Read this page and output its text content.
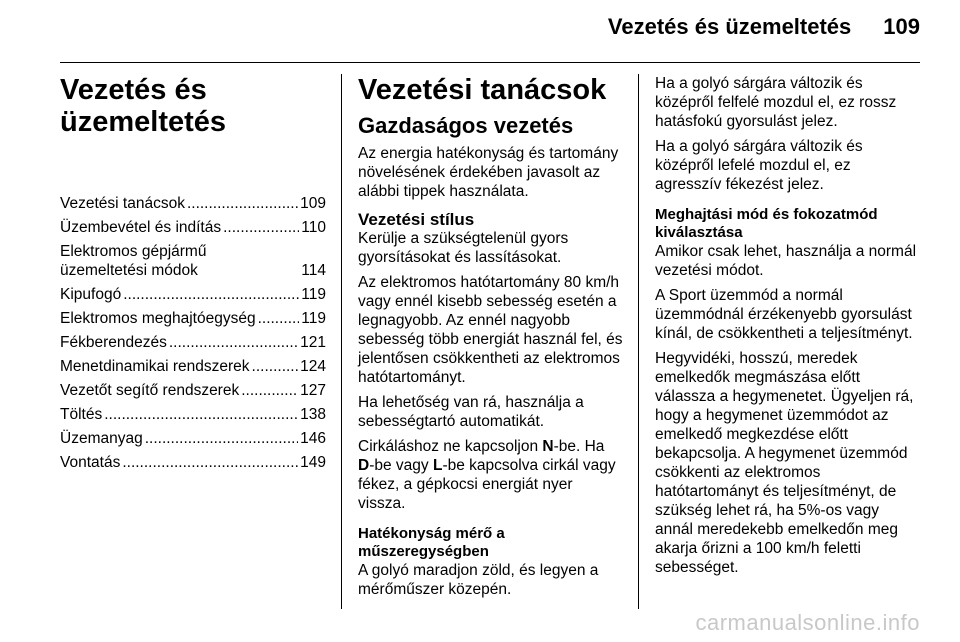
Vezetés és üzemeltetés 109
Vezetés és üzemeltetés
Vezetési tanácsok .....	109
Üzembevétel és indítás .....	110
Elektromos gépjármű üzemeltetési módok	114
Kipufogó .....	119
Elektromos meghajtóegység .....	119
Fékberendezés .....	121
Menetdinamikai rendszerek .....	124
Vezetőt segítő rendszerek .....	127
Töltés .....	138
Üzemanyag .....	146
Vontatás .....	149
Vezetési tanácsok
Gazdaságos vezetés

Az energia hatékonyság és tartomány növelésének érdekében javasolt az alábbi tippek használata.

Vezetési stílus

Kerülje a szükségtelenül gyors gyorsításokat és lassításokat.

Az elektromos hatótartomány 80 km/h vagy ennél kisebb sebesség esetén a legnagyobb. Az ennél nagyobb sebesség több energiát használ fel, és jelentősen csökkentheti az elektromos hatótartományt.

Ha lehetőség van rá, használja a sebességtartó automatikát.

Cirkáláshoz ne kapcsoljon N-be. Ha D-be vagy L-be kapcsolva cirkál vagy fékez, a gépkocsi energiát nyer vissza.

Hatékonyság mérő a műszeregységben

A golyó maradjon zöld, és legyen a mérőműszer közepén.

Ha a golyó sárgára változik és középről felfelé mozdul el, ez rossz hatásfokú gyorsulást jelez.

Ha a golyó sárgára változik és középről lefelé mozdul el, ez agresszív fékezést jelez.

Meghajtási mód és fokozatmód kiválasztása

Amikor csak lehet, használja a normál vezetési módot.

A Sport üzemmód a normál üzemmódnál érzékenyebb gyorsulást kínál, de csökkentheti a teljesítményt.

Hegyvidéki, hosszú, meredek emelkedők megmászása előtt válassza a hegymenetet. Ügyeljen rá, hogy a hegymenet üzemmódot az emelkedő megkezdése előtt bekapcsolja. A hegymenet üzemmód csökkenti az elektromos hatótartományt és teljesítményt, de szükség lehet rá, ha 5%-os vagy annál meredekebb emelkedőn meg akarja őrizni a 100 km/h feletti sebességet.

carmanualsonline.info
